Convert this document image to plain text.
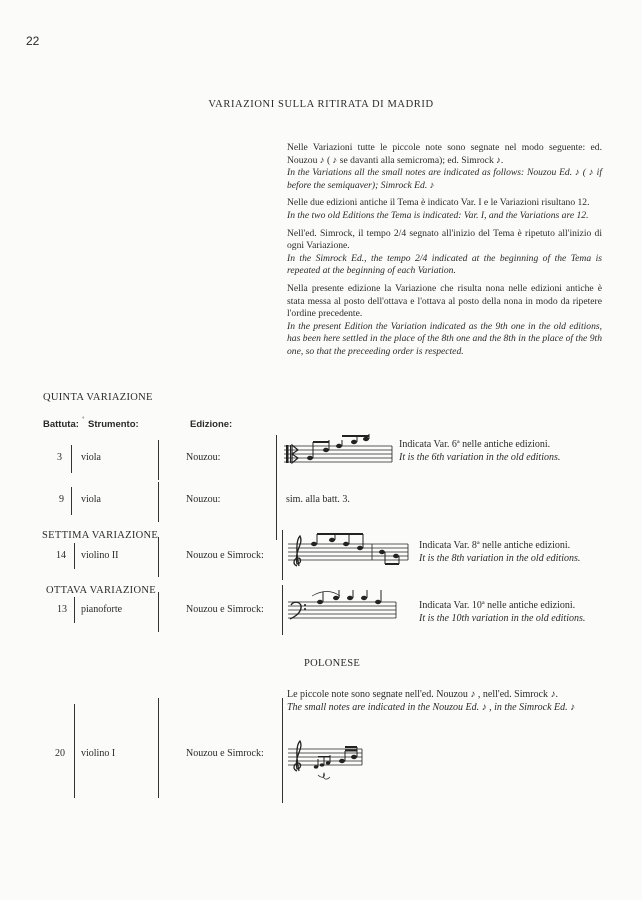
22
VARIAZIONI SULLA RITIRATA DI MADRID

Nelle Variazioni tutte le piccole note sono segnate nel modo seguente: ed. Nouzou ♪ ( ♪ se davanti alla semicroma); ed. Simrock ♪.

In the Variations all the small notes are indicated as follows: Nouzou Ed. ♪ ( ♪ if before the semiquaver); Simrock Ed. ♪

Nelle due edizioni antiche il Tema è indicato Var. I e le Variazioni risultano 12.

In the two old Editions the Tema is indicated: Var. I, and the Variations are 12.

Nell'ed. Simrock, il tempo 2/4 segnato all'inizio del Tema è ripetuto all'inizio di ogni Variazione.

In the Simrock Ed., the tempo 2/4 indicated at the beginning of the Tema is repeated at the beginning of each Variation.

Nella presente edizione la Variazione che risulta nona nelle edizioni antiche è stata messa al posto dell'ottava e l'ottava al posto della nona in modo da ripetere l'ordine precedente.

In the present Edition the Variation indicated as the 9th one in the old editions, has been here settled in the place of the 8th one and the 8th in the place of the 9th one, so that the preceeding order is respected.

QUINTA VARIAZIONE
Battuta: Strumento:	Edizione:
˚
3 viola	Nouzou:
Indicata Var. 6ª nelle antiche edizioni.
It is the 6th variation in the old editions.
9 viola	Nouzou:	sim. alla batt. 3.
SETTIMA VARIAZIONE
14 violino II	Nouzou e Simrock:
Indicata Var. 8ª nelle antiche edizioni.
It is the 8th variation in the old editions.
OTTAVA VARIAZIONE
13 pianoforte	Nouzou e Simrock:	Indicata Var. 10ª nelle antiche edizioni.
It is the 10th variation in the old editions.
POLONESE
Le piccole note sono segnate nell'ed. Nouzou ♪ , nell'ed. Simrock ♪.
The small notes are indicated in the Nouzou Ed. ♪ , in the Simrock Ed. ♪
20 violino I	Nouzou e Simrock:
